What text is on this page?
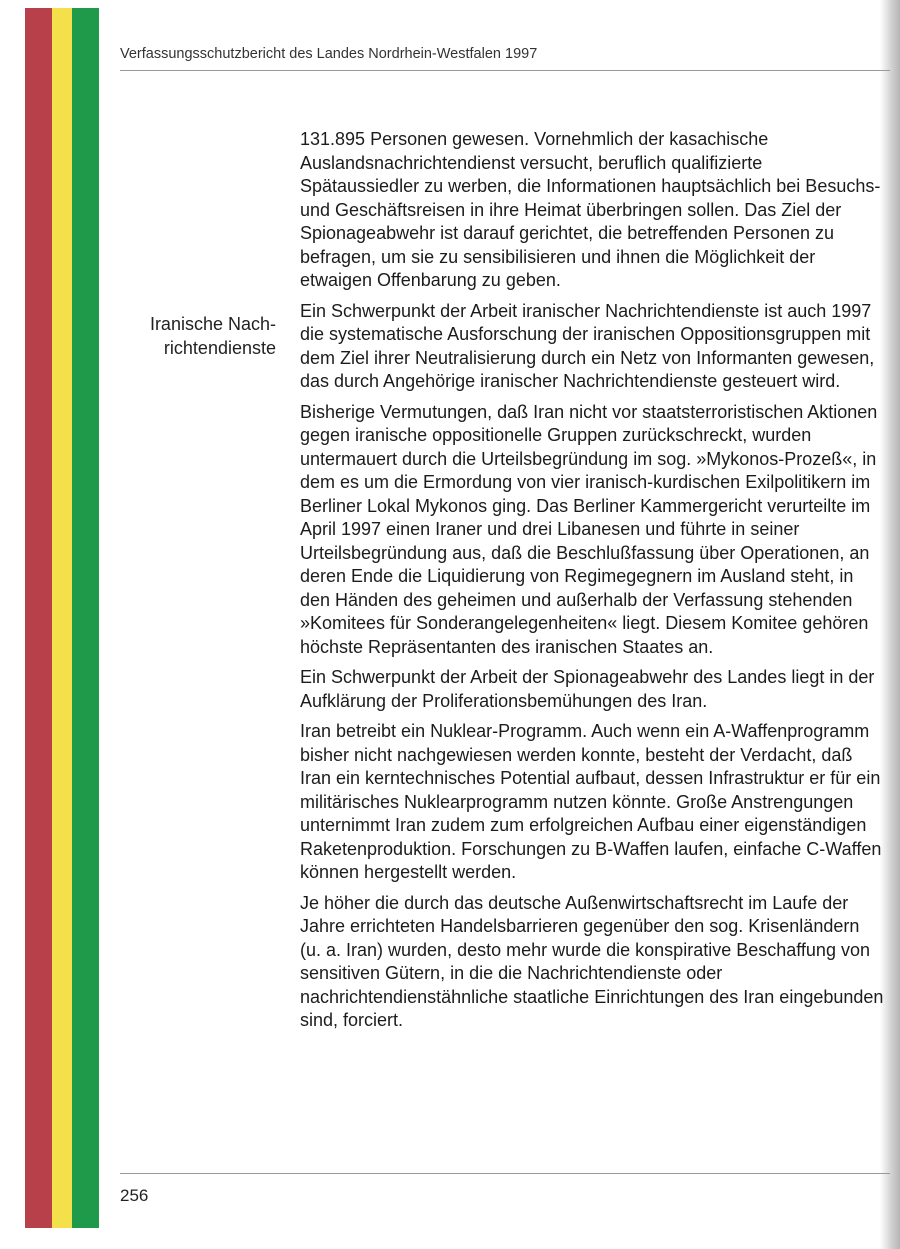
Verfassungsschutzbericht des Landes Nordrhein-Westfalen 1997
Iranische Nach-
richtendienste

131.895 Personen gewesen. Vornehmlich der kasachische Auslandsnachrichtendienst versucht, beruflich qualifizierte Spätaussiedler zu werben, die Informationen hauptsächlich bei Besuchs- und Geschäftsreisen in ihre Heimat überbringen sollen. Das Ziel der Spionageabwehr ist darauf gerichtet, die betreffenden Personen zu befragen, um sie zu sensibilisieren und ihnen die Möglichkeit der etwaigen Offenbarung zu geben.

Ein Schwerpunkt der Arbeit iranischer Nachrichtendienste ist auch 1997 die systematische Ausforschung der iranischen Oppositionsgruppen mit dem Ziel ihrer Neutralisierung durch ein Netz von Informanten gewesen, das durch Angehörige iranischer Nachrichtendienste gesteuert wird.

Bisherige Vermutungen, daß Iran nicht vor staatsterroristischen Aktionen gegen iranische oppositionelle Gruppen zurückschreckt, wurden untermauert durch die Urteilsbegründung im sog. »Mykonos-Prozeß«, in dem es um die Ermordung von vier iranisch-kurdischen Exilpolitikern im Berliner Lokal Mykonos ging. Das Berliner Kammergericht verurteilte im April 1997 einen Iraner und drei Libanesen und führte in seiner Urteilsbegründung aus, daß die Beschlußfassung über Operationen, an deren Ende die Liquidierung von Regimegegnern im Ausland steht, in den Händen des geheimen und außerhalb der Verfassung stehenden »Komitees für Sonderangelegenheiten« liegt. Diesem Komitee gehören höchste Repräsentanten des iranischen Staates an.

Ein Schwerpunkt der Arbeit der Spionageabwehr des Landes liegt in der Aufklärung der Proliferationsbemühungen des Iran.

Iran betreibt ein Nuklear-Programm. Auch wenn ein A-Waffenprogramm bisher nicht nachgewiesen werden konnte, besteht der Verdacht, daß Iran ein kerntechnisches Potential aufbaut, dessen Infrastruktur er für ein militärisches Nuklearprogramm nutzen könnte. Große Anstrengungen unternimmt Iran zudem zum erfolgreichen Aufbau einer eigenständigen Raketenproduktion. Forschungen zu B-Waffen laufen, einfache C-Waffen können hergestellt werden.

Je höher die durch das deutsche Außenwirtschaftsrecht im Laufe der Jahre errichteten Handelsbarrieren gegenüber den sog. Krisenländern (u. a. Iran) wurden, desto mehr wurde die konspirative Beschaffung von sensitiven Gütern, in die die Nachrichtendienste oder nachrichtendienstähnliche staatliche Einrichtungen des Iran eingebunden sind, forciert.

256
